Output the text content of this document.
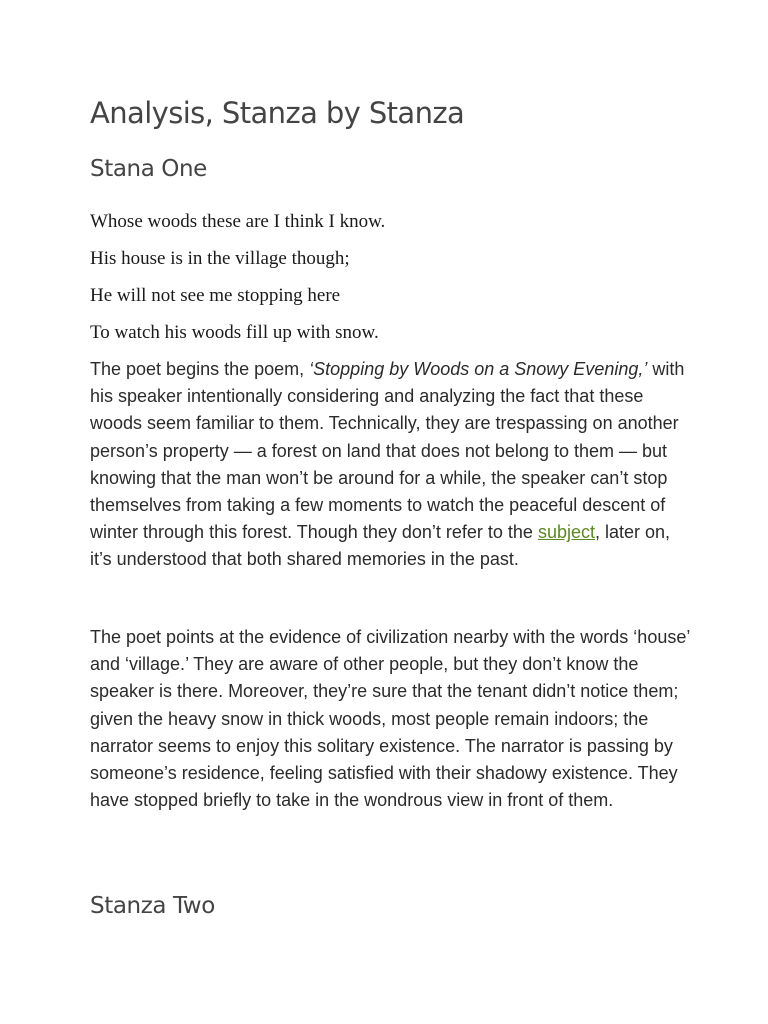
Analysis, Stanza by Stanza
Stana One

Whose woods these are I think I know.

His house is in the village though;

He will not see me stopping here

To watch his woods fill up with snow.

The poet begins the poem, ‘Stopping by Woods on a Snowy Evening,’ with his speaker intentionally considering and analyzing the fact that these woods seem familiar to them. Technically, they are trespassing on another person’s property — a forest on land that does not belong to them — but knowing that the man won’t be around for a while, the speaker can’t stop themselves from taking a few moments to watch the peaceful descent of winter through this forest. Though they don’t refer to the subject, later on, it’s understood that both shared memories in the past.

The poet points at the evidence of civilization nearby with the words ‘house’ and ‘village.’ They are aware of other people, but they don’t know the speaker is there. Moreover, they’re sure that the tenant didn’t notice them; given the heavy snow in thick woods, most people remain indoors; the narrator seems to enjoy this solitary existence. The narrator is passing by someone’s residence, feeling satisfied with their shadowy existence. They have stopped briefly to take in the wondrous view in front of them.

Stanza Two
